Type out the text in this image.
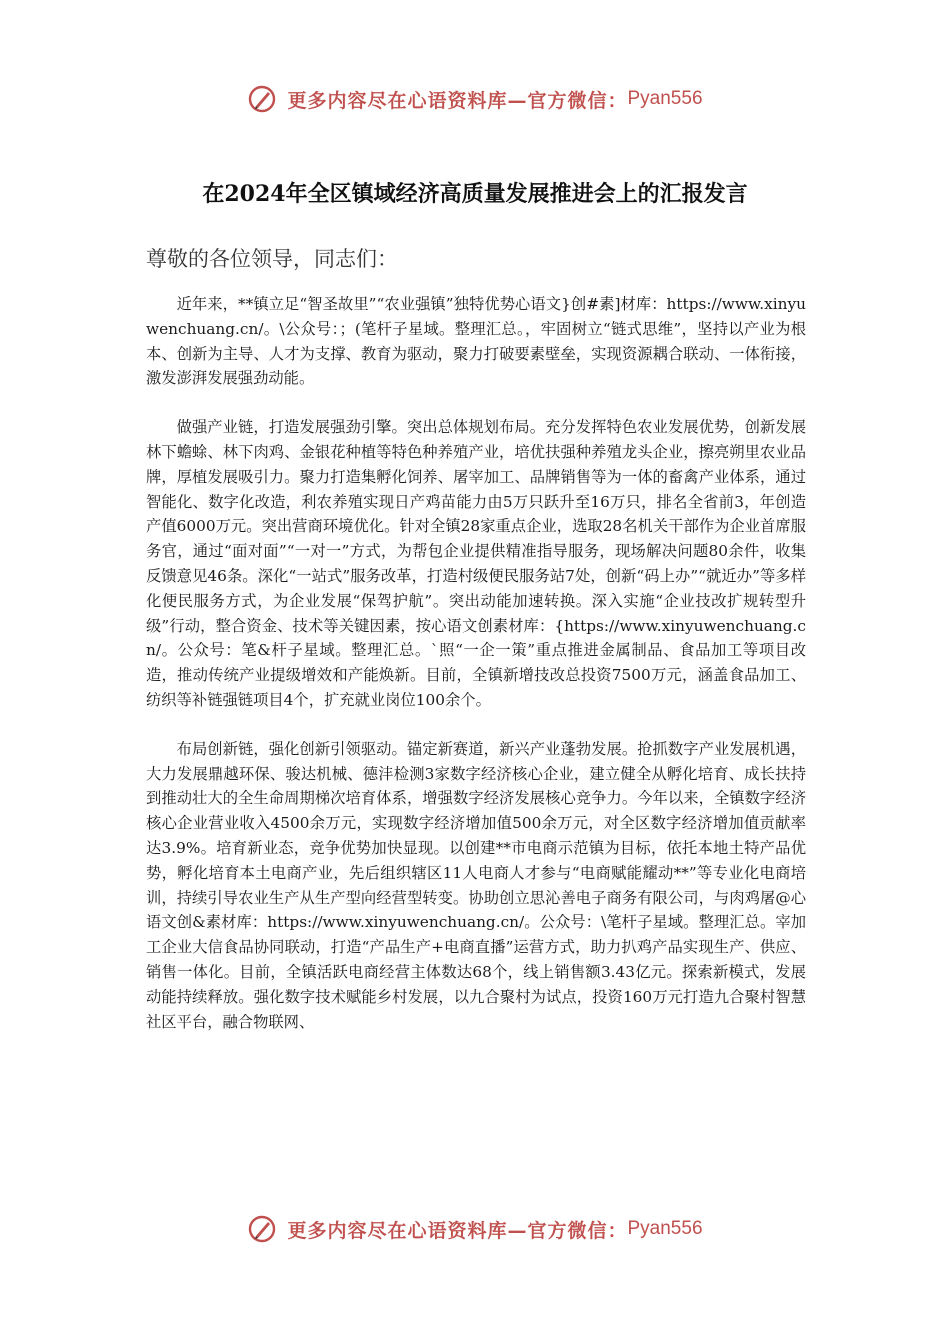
更多内容尽在心语资料库—官方微信： Pyan556
在2024年全区镇域经济高质量发展推进会上的汇报发言

尊敬的各位领导，同志们：

近年来，**镇立足“智圣故里”“农业强镇”独特优势心语文}创#素]材库：https://www.xinyuwenchuang.cn/。\公众号：；(笔杆子星域。整理汇总。，牢固树立“链式思维”，坚持以产业为根本、创新为主导、人才为支撑、教育为驱动，聚力打破要素壁垒，实现资源耦合联动、一体衔接，激发澎湃发展强劲动能。

做强产业链，打造发展强劲引擎。突出总体规划布局。充分发挥特色农业发展优势，创新发展林下蟾蜍、林下肉鸡、金银花种植等特色种养殖产业，培优扶强种养殖龙头企业，擦亮朔里农业品牌，厚植发展吸引力。聚力打造集孵化饲养、屠宰加工、品牌销售等为一体的畜禽产业体系，通过智能化、数字化改造，利农养殖实现日产鸡苗能力由5万只跃升至16万只，排名全省前3，年创造产值6000万元。突出营商环境优化。针对全镇28家重点企业，选取28名机关干部作为企业首席服务官，通过“面对面”“一对一”方式，为帮包企业提供精准指导服务，现场解决问题80余件，收集反馈意见46条。深化“一站式”服务改革，打造村级便民服务站7处，创新“码上办”“就近办”等多样化便民服务方式，为企业发展“保驾护航”。突出动能加速转换。深入实施“企业技改扩规转型升级”行动，整合资金、技术等关键因素，按心语文创素材库：{https://www.xinyuwenchuang.cn/。公众号：笔&杆子星域。整理汇总。`照“一企一策”重点推进金属制品、食品加工等项目改造，推动传统产业提级增效和产能焕新。目前，全镇新增技改总投资7500万元，涵盖食品加工、纺织等补链强链项目4个，扩充就业岗位100余个。

布局创新链，强化创新引领驱动。锚定新赛道，新兴产业蓬勃发展。抢抓数字产业发展机遇，大力发展鼎越环保、骏达机械、德沣检测3家数字经济核心企业，建立健全从孵化培育、成长扶持到推动壮大的全生命周期梯次培育体系，增强数字经济发展核心竞争力。今年以来，全镇数字经济核心企业营业收入4500余万元，实现数字经济增加值500余万元，对全区数字经济增加值贡献率达3.9%。培育新业态，竞争优势加快显现。以创建**市电商示范镇为目标，依托本地土特产品优势，孵化培育本土电商产业，先后组织辖区11人电商人才参与“电商赋能耀动**”等专业化电商培训，持续引导农业生产从生产型向经营型转变。协助创立思沁善电子商务有限公司，与肉鸡屠@心语文创&素材库：https://www.xinyuwenchuang.cn/。公众号：\笔杆子星域。整理汇总。宰加工企业大信食品协同联动，打造“产品生产+电商直播”运营方式，助力扒鸡产品实现生产、供应、销售一体化。目前，全镇活跃电商经营主体数达68个，线上销售额3.43亿元。探索新模式，发展动能持续释放。强化数字技术赋能乡村发展，以九合聚村为试点，投资160万元打造九合聚村智慧社区平台，融合物联网、

更多内容尽在心语资料库—官方微信： Pyan556
